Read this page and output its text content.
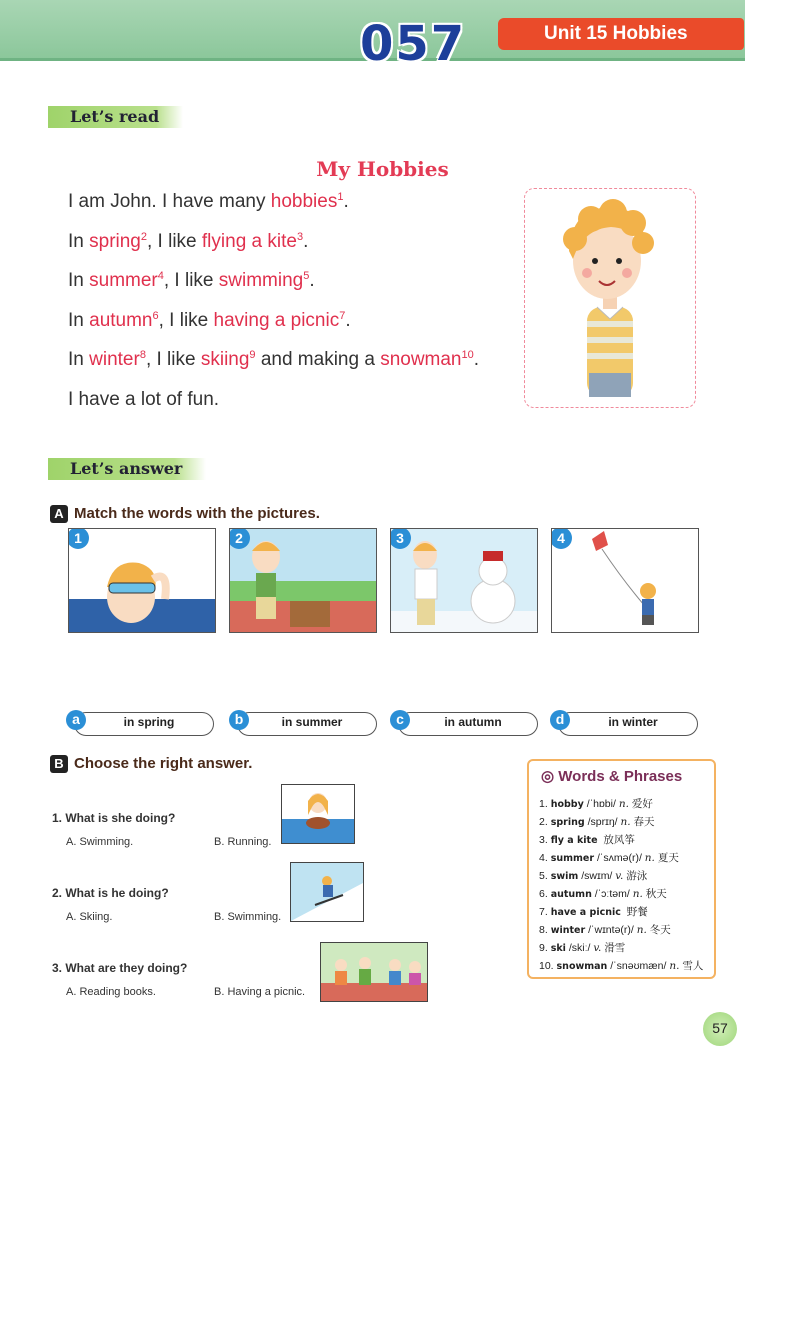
057	Unit 15 Hobbies
Let’s read
My Hobbies
I am John. I have many hobbies$^1$.
In spring$^2$, I like flying a kite$^3$.
In summer$^4$, I like swimming$^5$.
In autumn$^6$, I like having a picnic$^7$.
In winter$^8$, I like skiing$^9$ and making a snowman$^{10}$.
I have a lot of fun.
Let’s answer
A Match the words with the pictures.
1	2	3	4
a	in spring	b	in summer	c	in autumn	d	in winter
B Choose the right answer.
1. What is she doing?
A. Swimming.	B. Running.
2. What is he doing?
A. Skiing.	B. Swimming.
3. What are they doing?
A. Reading books.	B. Having a picnic.
◎ Words & Phrases
1. hobby /ˈhɒbi/ n. 爱好
2. spring /sprɪŋ/ n. 春天
3. fly a kite 放风筝
4. summer /ˈsʌmə(r)/ n. 夏天
5. swim /swɪm/ v. 游泳
6. autumn /ˈɔːtəm/ n. 秋天
7. have a picnic 野餐
8. winter /ˈwɪntə(r)/ n. 冬天
9. ski /skiː/ v. 滑雪
10. snowman /ˈsnəʊmæn/ n. 雪人
57
